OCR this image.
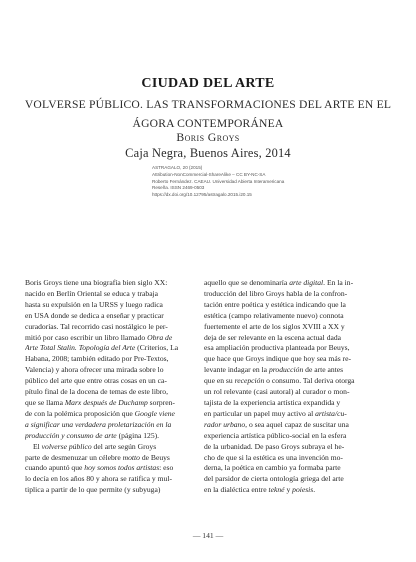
CIUDAD DEL ARTE
VOLVERSE PÚBLICO. LAS TRANSFORMACIONES DEL ARTE EN EL
ÁGORA CONTEMPORÁNEA
Boris Groys
Caja Negra, Buenos Aires, 2014
ASTRAGALO, 20 (2015)
Attribution-NonCommercial-ShareAlike – CC BY-NC-SA
Roberto Fernández. CAEAU. Universidad Abierta Interamericana
Reseña. ISSN 2469-0503
https://dx.doi.org/10.12795/astragalo.2015.i20.15
Boris Groys tiene una biografía bien siglo XX:
nacido en Berlín Oriental se educa y trabaja
hasta su expulsión en la URSS y luego radica
en USA donde se dedica a enseñar y practicar
curadorías. Tal recorrido casi nostálgico le per-
mitió por caso escribir un libro llamado Obra de
Arte Total Stalin. Topología del Arte (Criterios, La
Habana, 2008; también editado por Pre-Textos,
Valencia) y ahora ofrecer una mirada sobre lo
público del arte que entre otras cosas en un ca-
pítulo final de la docena de temas de este libro,
que se llama Marx después de Duchamp sorpren-
de con la polémica proposición que Google viene
a significar una verdadera proletarización en la
producción y consumo de arte (página 125).
El volverse público del arte según Groys
parte de desmenuzar un célebre motto de Beuys
cuando apuntó que hoy somos todos artistas: eso
lo decía en los años 80 y ahora se ratifica y mul-
tiplica a partir de lo que permite (y subyuga)
aquello que se denominaría arte digital. En la in-
troducción del libro Groys habla de la confron-
tación entre poética y estética indicando que la
estética (campo relativamente nuevo) connota
fuertemente el arte de los siglos XVIII a XX y
deja de ser relevante en la escena actual dada
esa ampliación productiva planteada por Beuys,
que hace que Groys indique que hoy sea más re-
levante indagar en la producción de arte antes
que en su recepción o consumo. Tal deriva otorga
un rol relevante (casi autoral) al curador o mon-
tajista de la experiencia artística expandida y
en particular un papel muy activo al artista/cu-
rador urbano, o sea aquel capaz de suscitar una
experiencia artística público-social en la esfera
de la urbanidad. De paso Groys subraya el he-
cho de que si la estética es una invención mo-
derna, la poética en cambio ya formaba parte
del parsidor de cierta ontología griega del arte
en la dialéctica entre tekné y poiesis.
— 141 —
